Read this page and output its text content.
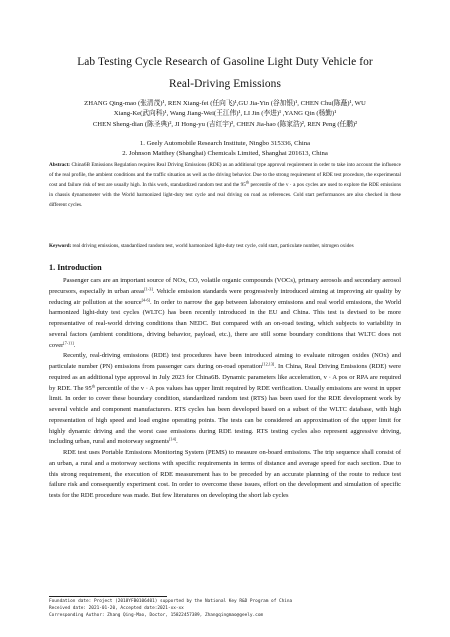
Lab Testing Cycle Research of Gasoline Light Duty Vehicle for
Real-Driving Emissions
ZHANG Qing-mao (张清茂)¹, REN Xiang-fei (任向飞)¹,GU Jia-Yin (谷加银)¹, CHEN Chu(陈矗)¹, WU
Xiang-Ke(武向科)¹, Wang Jiang-Wei(王江伟)¹, LI Jin (李进)¹ ,YANG Qin (杨勤)¹
CHEN Sheng-dian (陈圣典)², JI Hong-yu (吉红宇)², CHEN Jia-hao (陈家浩)², REN Peng (任鹏)²
1. Geely Automobile Research Institute, Ningbo 315336, China
2. Johnson Matthey (Shanghai) Chemicals Limited, Shanghai 201613, China
Abstract: China6B Emissions Regulation requires Real Driving Emissions (RDE) as an additional type approval requirement in order to take into account the influence of the real profile, the ambient conditions and the traffic situation as well as the driving behavior. Due to the strong requirement of RDE test procedure, the experimental cost and failure risk of test are usually high. In this work, standardized random test and the 95th percentile of the v · a pos cycles are used to explore the RDE emissions in chassis dynamometer with the World harmonized light-duty test cycle and real driving on road as references. Cold start performances are also checked in these different cycles.
Keyword: real driving emissions, standardized random test, world harmonized light-duty test cycle, cold start, particulate number, nitrogen oxides
1. Introduction

Passenger cars are an important source of NOx, CO, volatile organic compounds (VOCs), primary aerosols and secondary aerosol precursors, especially in urban areas[1-3]. Vehicle emission standards were progressively introduced aiming at improving air quality by reducing air pollution at the source[4-6]. In order to narrow the gap between laboratory emissions and real world emissions, the World harmonized light-duty test cycles (WLTC) has been recently introduced in the EU and China. This test is devised to be more representative of real-world driving conditions than NEDC. But compared with an on-road testing, which subjects to variability in several factors (ambient conditions, driving behavior, payload, etc.), there are still some boundary conditions that WLTC does not cover[7-11].

Recently, real-driving emissions (RDE) test procedures have been introduced aiming to evaluate nitrogen oxides (NOx) and particulate number (PN) emissions from passenger cars during on-road operation[12,13]. In China, Real Driving Emissions (RDE) were required as an additional type approval in July 2023 for China6B. Dynamic parameters like acceleration, v · A pos or RPA are required by RDE. The 95th percentile of the v · A pos values has upper limit required by RDE verification. Usually emissions are worst in upper limit. In order to cover these boundary condition, standardized random test (RTS) has been used for the RDE development work by several vehicle and component manufacturers. RTS cycles has been developed based on a subset of the WLTC database, with high representation of high speed and load engine operating points. The tests can be considered an approximation of the upper limit for highly dynamic driving and the worst case emissions during RDE testing. RTS testing cycles also represent aggressive driving, including urban, rural and motorway segments[14].

RDE test uses Portable Emissions Monitoring System (PEMS) to measure on-board emissions. The trip sequence shall consist of an urban, a rural and a motorway sections with specific requirements in terms of distance and average speed for each section. Due to this strong requirement, the execution of RDE measurement has to be preceded by an accurate planning of the route to reduce test failure risk and consequently experiment cost. In order to overcome these issues, effort on the development and simulation of specific tests for the RDE procedure was made. But few literatures on developing the short lab cycles

Foundation date: Project (2018YFB0106401) supported by the National Key R&D Program of China
Received date: 2021-01-20, Accepted date:2021-xx-xx
Corresponding Author: Zhang Qing-Mao, Doctor, 15822457389, Zhangqingmao@geely.com
